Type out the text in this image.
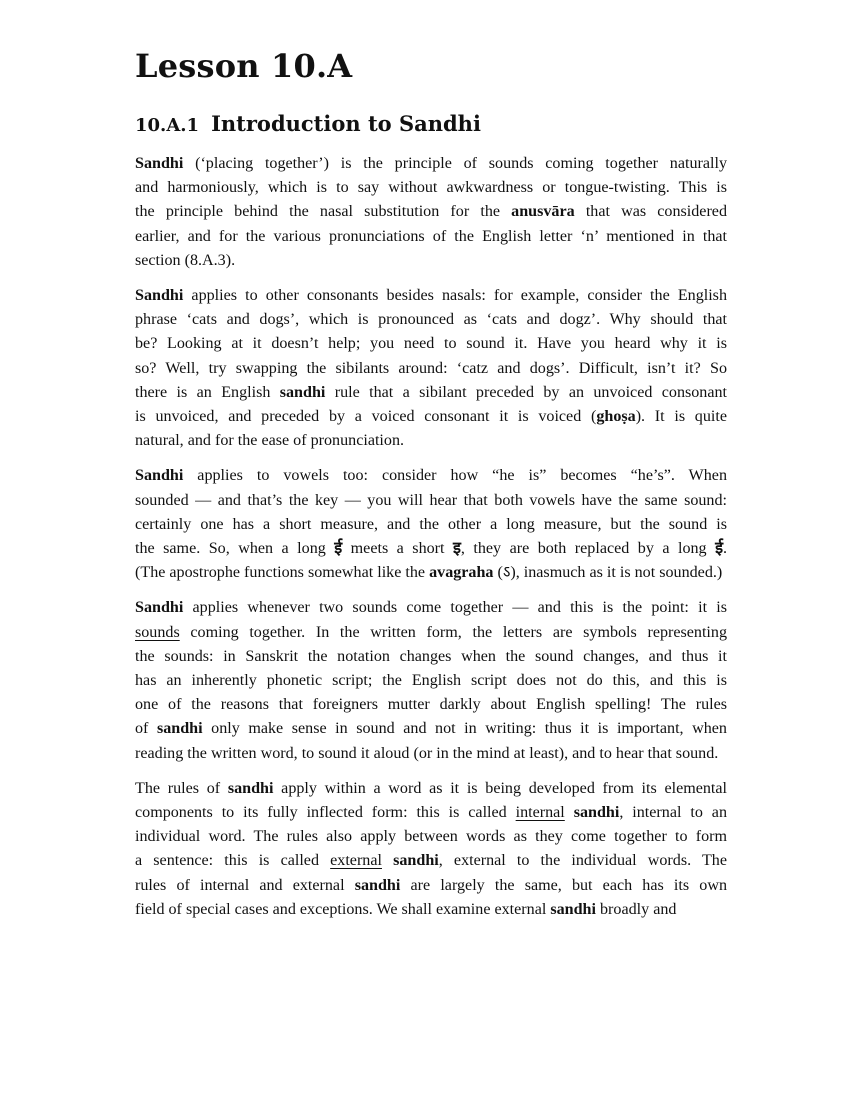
Lesson 10.A
10.A.1 Introduction to Sandhi

Sandhi (‘placing together’) is the principle of sounds coming together naturally and harmoniously, which is to say without awkwardness or tongue-twisting. This is the principle behind the nasal substitution for the anusvāra that was considered earlier, and for the various pronunciations of the English letter ‘n’ mentioned in that section (8.A.3).

Sandhi applies to other consonants besides nasals: for example, consider the English phrase ‘cats and dogs’, which is pronounced as ‘cats and dogz’. Why should that be? Looking at it doesn’t help; you need to sound it. Have you heard why it is so? Well, try swapping the sibilants around: ‘catz and dogs’. Difficult, isn’t it? So there is an English sandhi rule that a sibilant preceded by an unvoiced consonant is unvoiced, and preceded by a voiced consonant it is voiced (ghoṣa). It is quite natural, and for the ease of pronunciation.

Sandhi applies to vowels too: consider how “he is” becomes “he’s”. When sounded — and that’s the key — you will hear that both vowels have the same sound: certainly one has a short measure, and the other a long measure, but the sound is the same. So, when a long ई meets a short इ, they are both replaced by a long ई. (The apostrophe functions somewhat like the avagraha (ऽ), inasmuch as it is not sounded.)

Sandhi applies whenever two sounds come together — and this is the point: it is sounds coming together. In the written form, the letters are symbols representing the sounds: in Sanskrit the notation changes when the sound changes, and thus it has an inherently phonetic script; the English script does not do this, and this is one of the reasons that foreigners mutter darkly about English spelling! The rules of sandhi only make sense in sound and not in writing: thus it is important, when reading the written word, to sound it aloud (or in the mind at least), and to hear that sound.

The rules of sandhi apply within a word as it is being developed from its elemental components to its fully inflected form: this is called internal sandhi, internal to an individual word. The rules also apply between words as they come together to form a sentence: this is called external sandhi, external to the individual words. The rules of internal and external sandhi are largely the same, but each has its own field of special cases and exceptions. We shall examine external sandhi broadly and
